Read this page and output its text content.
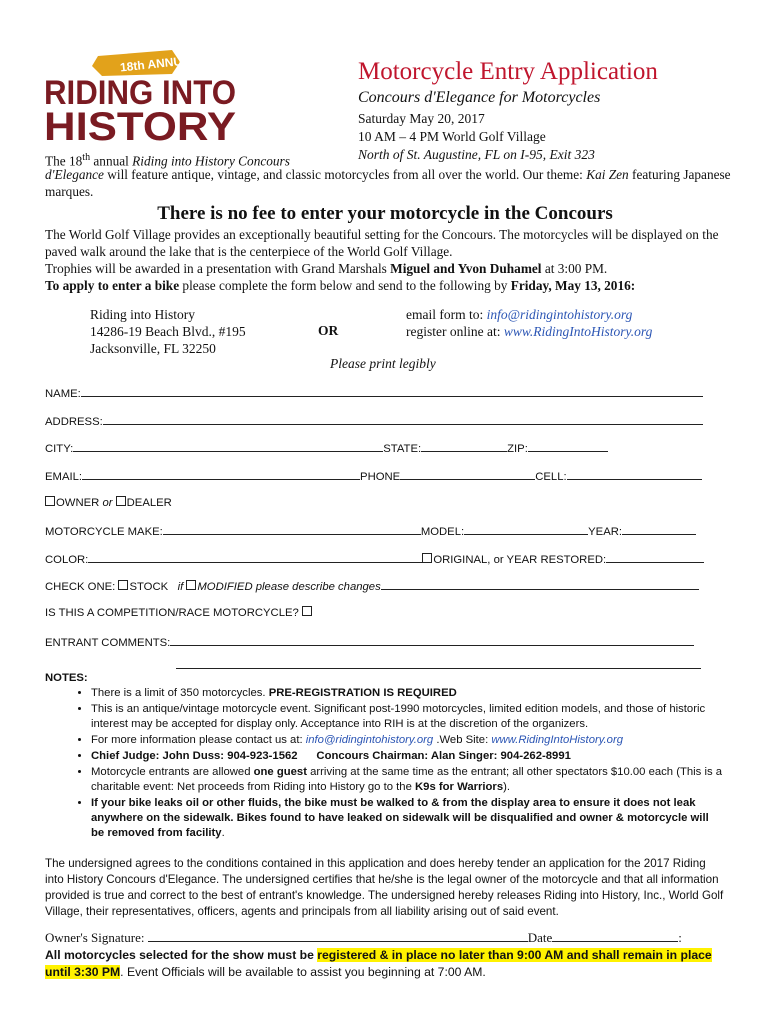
18th ANNUAL
RIDING INTO
HISTORY
Motorcycle Entry Application
Concours d'Elegance for Motorcycles
Saturday May 20, 2017
10 AM – 4 PM World Golf Village
North of St. Augustine, FL on I-95, Exit 323
The 18th annual Riding into History Concours
d'Elegance will feature antique, vintage, and classic motorcycles from all over the world. Our theme: Kai Zen featuring Japanese marques.
There is no fee to enter your motorcycle in the Concours
The World Golf Village provides an exceptionally beautiful setting for the Concours. The motorcycles will be displayed on the paved walk around the lake that is the centerpiece of the World Golf Village.
Trophies will be awarded in a presentation with Grand Marshals Miguel and Yvon Duhamel at 3:00 PM.
To apply to enter a bike please complete the form below and send to the following by Friday, May 13, 2016:
Riding into History
14286-19 Beach Blvd., #195
Jacksonville, FL 32250
OR
email form to: info@ridingintohistory.org
register online at: www.RidingIntoHistory.org
Please print legibly
NAME:
ADDRESS:
CITY:	STATE:	ZIP:
EMAIL:	PHONE	CELL:
OWNER or DEALER
MOTORCYCLE MAKE:	MODEL:	YEAR:
COLOR:	ORIGINAL, or YEAR RESTORED:
CHECK ONE: STOCK if MODIFIED please describe changes
IS THIS A COMPETITION/RACE MOTORCYCLE?
ENTRANT COMMENTS:
NOTES:
• There is a limit of 350 motorcycles. PRE-REGISTRATION IS REQUIRED
• This is an antique/vintage motorcycle event. Significant post-1990 motorcycles, limited edition models, and those of historic interest may be accepted for display only. Acceptance into RIH is at the discretion of the organizers.
• For more information please contact us at: info@ridingintohistory.org .Web Site: www.RidingIntoHistory.org
• Chief Judge: John Duss: 904-923-1562 Concours Chairman: Alan Singer: 904-262-8991
• Motorcycle entrants are allowed one guest arriving at the same time as the entrant; all other spectators $10.00 each (This is a charitable event: Net proceeds from Riding into History go to the K9s for Warriors).
• If your bike leaks oil or other fluids, the bike must be walked to & from the display area to ensure it does not leak anywhere on the sidewalk. Bikes found to have leaked on sidewalk will be disqualified and owner & motorcycle will be removed from facility.
The undersigned agrees to the conditions contained in this application and does hereby tender an application for the 2017 Riding into History Concours d'Elegance. The undersigned certifies that he/she is the legal owner of the motorcycle and that all information provided is true and correct to the best of entrant's knowledge. The undersigned hereby releases Riding into History, Inc., World Golf Village, their representatives, officers, agents and principals from all liability arising out of said event.
Owner's Signature:	Date	:
All motorcycles selected for the show must be registered & in place no later than 9:00 AM and shall remain in place until 3:30 PM. Event Officials will be available to assist you beginning at 7:00 AM.
